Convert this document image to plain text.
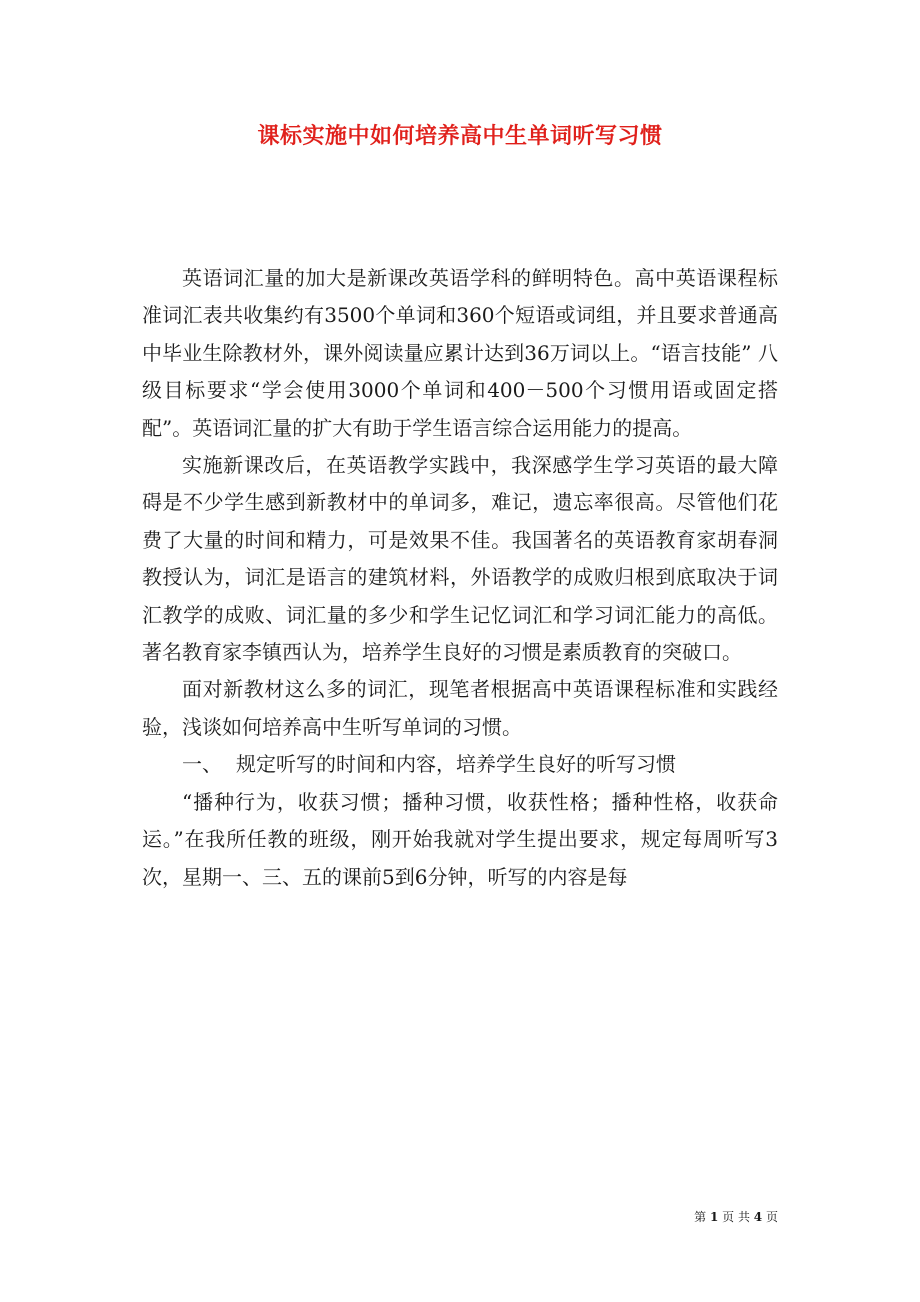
课标实施中如何培养高中生单词听写习惯

英语词汇量的加大是新课改英语学科的鲜明特色。高中英语课程标准词汇表共收集约有3500个单词和360个短语或词组，并且要求普通高中毕业生除教材外，课外阅读量应累计达到36万词以上。“语言技能” 八级目标要求“学会使用3000个单词和400－500个习惯用语或固定搭配”。英语词汇量的扩大有助于学生语言综合运用能力的提高。

实施新课改后，在英语教学实践中，我深感学生学习英语的最大障碍是不少学生感到新教材中的单词多，难记，遗忘率很高。尽管他们花费了大量的时间和精力，可是效果不佳。我国著名的英语教育家胡春洞教授认为，词汇是语言的建筑材料，外语教学的成败归根到底取决于词汇教学的成败、词汇量的多少和学生记忆词汇和学习词汇能力的高低。著名教育家李镇西认为，培养学生良好的习惯是素质教育的突破口。

面对新教材这么多的词汇，现笔者根据高中英语课程标准和实践经验，浅谈如何培养高中生听写单词的习惯。

一、 规定听写的时间和内容，培养学生良好的听写习惯

“播种行为，收获习惯；播种习惯，收获性格；播种性格，收获命运。”在我所任教的班级，刚开始我就对学生提出要求，规定每周听写3次，星期一、三、五的课前5到6分钟，听写的内容是每

第 1 页 共 4 页
